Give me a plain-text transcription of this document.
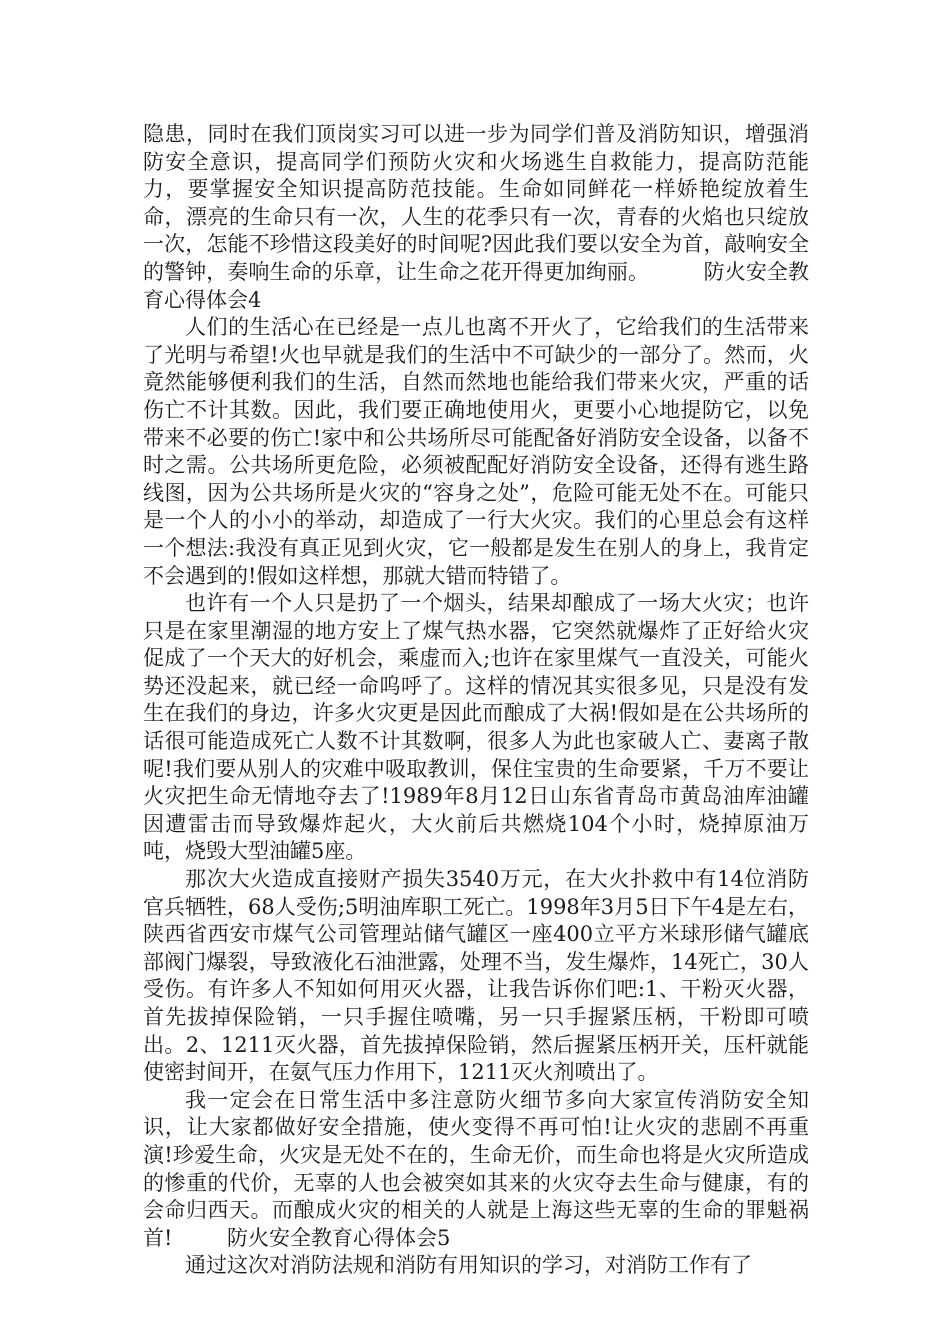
隐患，同时在我们顶岗实习可以进一步为同学们普及消防知识，增强消防安全意识，提高同学们预防火灾和火场逃生自救能力，提高防范能力，要掌握安全知识提高防范技能。生命如同鲜花一样娇艳绽放着生命，漂亮的生命只有一次，人生的花季只有一次，青春的火焰也只绽放一次，怎能不珍惜这段美好的时间呢?因此我们要以安全为首，敲响安全的警钟，奏响生命的乐章，让生命之花开得更加绚丽。	防火安全教育心得体会4

人们的生活心在已经是一点儿也离不开火了，它给我们的生活带来了光明与希望!火也早就是我们的生活中不可缺少的一部分了。然而，火竟然能够便利我们的生活，自然而然地也能给我们带来火灾，严重的话伤亡不计其数。因此，我们要正确地使用火，更要小心地提防它，以免带来不必要的伤亡!家中和公共场所尽可能配备好消防安全设备，以备不时之需。公共场所更危险，必须被配配好消防安全设备，还得有逃生路线图，因为公共场所是火灾的“容身之处”，危险可能无处不在。可能只是一个人的小小的举动，却造成了一行大火灾。我们的心里总会有这样一个想法:我没有真正见到火灾，它一般都是发生在别人的身上，我肯定不会遇到的!假如这样想，那就大错而特错了。

也许有一个人只是扔了一个烟头，结果却酿成了一场大火灾；也许只是在家里潮湿的地方安上了煤气热水器，它突然就爆炸了正好给火灾促成了一个天大的好机会，乘虚而入;也许在家里煤气一直没关，可能火势还没起来，就已经一命呜呼了。这样的情况其实很多见，只是没有发生在我们的身边，许多火灾更是因此而酿成了大祸!假如是在公共场所的话很可能造成死亡人数不计其数啊，很多人为此也家破人亡、妻离子散呢!我们要从别人的灾难中吸取教训，保住宝贵的生命要紧，千万不要让火灾把生命无情地夺去了!1989年8月12日山东省青岛市黄岛油库油罐因遭雷击而导致爆炸起火，大火前后共燃烧104个小时，烧掉原油万吨，烧毁大型油罐5座。

那次大火造成直接财产损失3540万元，在大火扑救中有14位消防官兵牺牲，68人受伤;5明油库职工死亡。1998年3月5日下午4是左右，陕西省西安市煤气公司管理站储气罐区一座400立平方米球形储气罐底部阀门爆裂，导致液化石油泄露，处理不当，发生爆炸，14死亡，30人受伤。有许多人不知如何用灭火器，让我告诉你们吧:1、干粉灭火器，首先拔掉保险销，一只手握住喷嘴，另一只手握紧压柄，干粉即可喷出。2、1211灭火器，首先拔掉保险销，然后握紧压柄开关，压杆就能使密封间开，在氨气压力作用下，1211灭火剂喷出了。

我一定会在日常生活中多注意防火细节多向大家宣传消防安全知识，让大家都做好安全措施，使火变得不再可怕!让火灾的悲剧不再重演!珍爱生命，火灾是无处不在的，生命无价，而生命也将是火灾所造成的惨重的代价，无辜的人也会被突如其来的火灾夺去生命与健康，有的会命归西天。而酿成火灾的相关的人就是上海这些无辜的生命的罪魁祸首!	防火安全教育心得体会5

通过这次对消防法规和消防有用知识的学习，对消防工作有了
